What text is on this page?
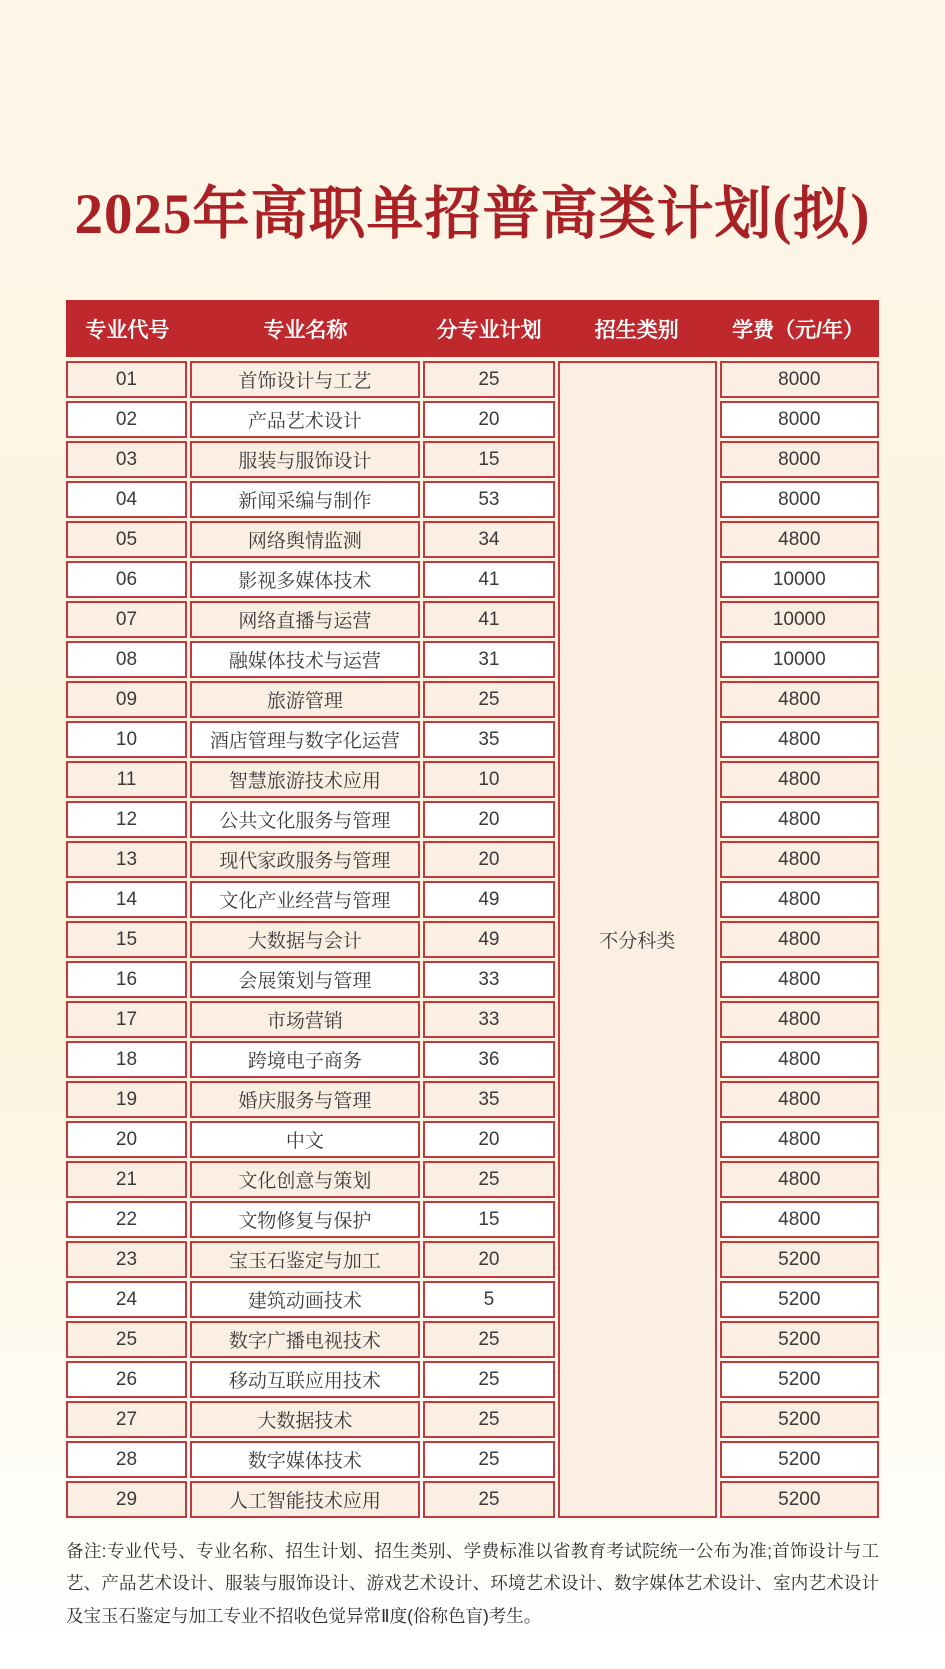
2025年高职单招普高类计划(拟)
专业代号	专业名称	分专业计划	招生类别	学费（元/年）
01	首饰设计与工艺	25	不分科类	8000
02	产品艺术设计	20		8000
03	服装与服饰设计	15		8000
04	新闻采编与制作	53		8000
05	网络舆情监测	34		4800
06	影视多媒体技术	41		10000
07	网络直播与运营	41		10000
08	融媒体技术与运营	31		10000
09	旅游管理	25		4800
10	酒店管理与数字化运营	35		4800
11	智慧旅游技术应用	10		4800
12	公共文化服务与管理	20		4800
13	现代家政服务与管理	20		4800
14	文化产业经营与管理	49		4800
15	大数据与会计	49		4800
16	会展策划与管理	33		4800
17	市场营销	33		4800
18	跨境电子商务	36		4800
19	婚庆服务与管理	35		4800
20	中文	20		4800
21	文化创意与策划	25		4800
22	文物修复与保护	15		4800
23	宝玉石鉴定与加工	20		5200
24	建筑动画技术	5		5200
25	数字广播电视技术	25		5200
26	移动互联应用技术	25		5200
27	大数据技术	25		5200
28	数字媒体技术	25		5200
29	人工智能技术应用	25		5200

备注:专业代号、专业名称、招生计划、招生类别、学费标准以省教育考试院统一公布为准;首饰设计与工艺、产品艺术设计、服装与服饰设计、游戏艺术设计、环境艺术设计、数字媒体艺术设计、室内艺术设计及宝玉石鉴定与加工专业不招收色觉异常Ⅱ度(俗称色盲)考生。
